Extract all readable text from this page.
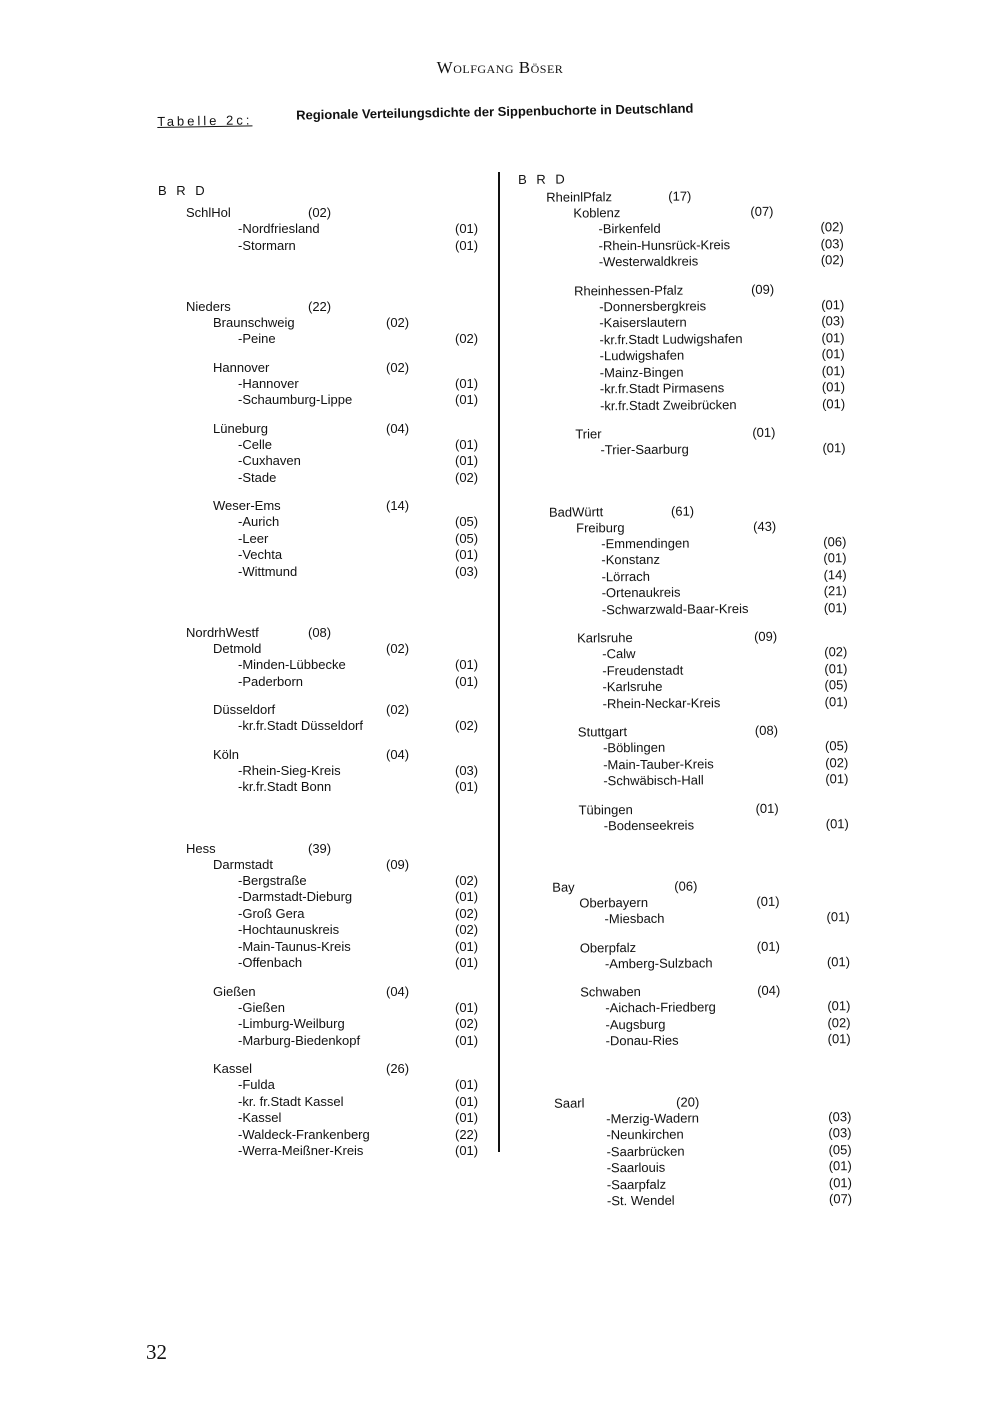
Wolfgang Böser
Tabelle 2c:	Regionale Verteilungsdichte der Sippenbuchorte in Deutschland
B R D
SchlHol	(02)
-Nordfriesland	(01)
-Stormarn	(01)
Nieders	(22)
Braunschweig	(02)
-Peine	(02)
Hannover	(02)
-Hannover	(01)
-Schaumburg-Lippe	(01)
Lüneburg	(04)
-Celle	(01)
-Cuxhaven	(01)
-Stade	(02)
Weser-Ems	(14)
-Aurich	(05)
-Leer	(05)
-Vechta	(01)
-Wittmund	(03)
NordrhWestf	(08)
Detmold	(02)
-Minden-Lübbecke	(01)
-Paderborn	(01)
Düsseldorf	(02)
-kr.fr.Stadt Düsseldorf	(02)
Köln	(04)
-Rhein-Sieg-Kreis	(03)
-kr.fr.Stadt Bonn	(01)
Hess	(39)
Darmstadt	(09)
-Bergstraße	(02)
-Darmstadt-Dieburg	(01)
-Groß Gera	(02)
-Hochtaunuskreis	(02)
-Main-Taunus-Kreis	(01)
-Offenbach	(01)
Gießen	(04)
-Gießen	(01)
-Limburg-Weilburg	(02)
-Marburg-Biedenkopf	(01)
Kassel	(26)
-Fulda	(01)
-kr. fr.Stadt Kassel	(01)
-Kassel	(01)
-Waldeck-Frankenberg	(22)
-Werra-Meißner-Kreis	(01)
B R D
RheinlPfalz	(17)
Koblenz	(07)
-Birkenfeld	(02)
-Rhein-Hunsrück-Kreis	(03)
-Westerwaldkreis	(02)
Rheinhessen-Pfalz	(09)
-Donnersbergkreis	(01)
-Kaiserslautern	(03)
-kr.fr.Stadt Ludwigshafen	(01)
-Ludwigshafen	(01)
-Mainz-Bingen	(01)
-kr.fr.Stadt Pirmasens	(01)
-kr.fr.Stadt Zweibrücken	(01)
Trier	(01)
-Trier-Saarburg	(01)
BadWürtt	(61)
Freiburg	(43)
-Emmendingen	(06)
-Konstanz	(01)
-Lörrach	(14)
-Ortenaukreis	(21)
-Schwarzwald-Baar-Kreis	(01)
Karlsruhe	(09)
-Calw	(02)
-Freudenstadt	(01)
-Karlsruhe	(05)
-Rhein-Neckar-Kreis	(01)
Stuttgart	(08)
-Böblingen	(05)
-Main-Tauber-Kreis	(02)
-Schwäbisch-Hall	(01)
Tübingen	(01)
-Bodenseekreis	(01)
Bay	(06)
Oberbayern	(01)
-Miesbach	(01)
Oberpfalz	(01)
-Amberg-Sulzbach	(01)
Schwaben	(04)
-Aichach-Friedberg	(01)
-Augsburg	(02)
-Donau-Ries	(01)
Saarl	(20)
-Merzig-Wadern	(03)
-Neunkirchen	(03)
-Saarbrücken	(05)
-Saarlouis	(01)
-Saarpfalz	(01)
-St. Wendel	(07)
32
